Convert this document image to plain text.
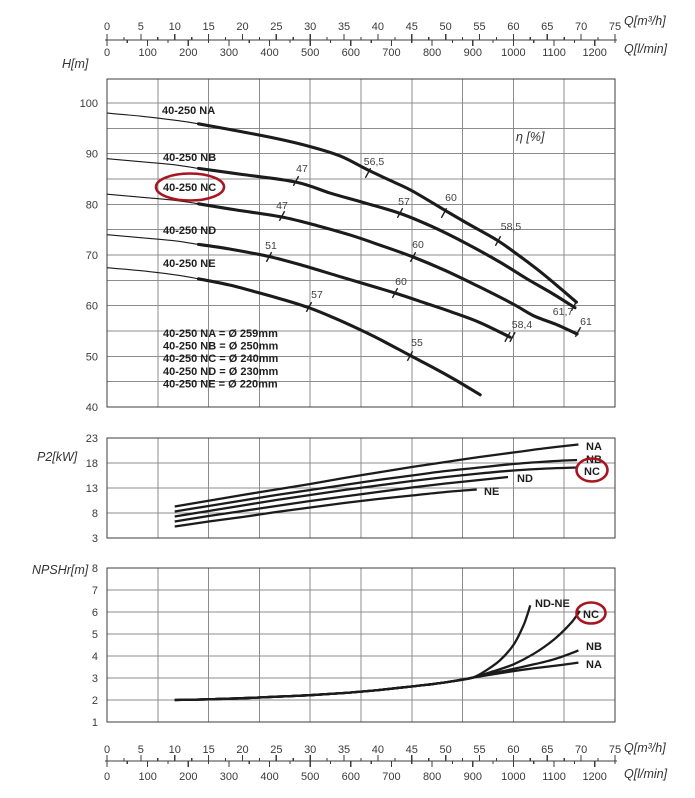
100
90
80
70
60
50
40
47
56,5
47	57	60
51	60
60
57
58,5
55
58,4
61,7
61
40-250 NA
40-250 NB
40-250 NC
40-250 ND
40-250 NE
40-250 NA = Ø 259mm
40-250 NB = Ø 250mm
40-250 NC = Ø 240mm
40-250 ND = Ø 230mm
40-250 NE = Ø 220mm
23
18
13
8
3
NA
NB
NC
ND
NE
8
7
6
5
4
3
2
1
ND-NE
NC
NB
NA
0	5 10 15 20 25 30 35 40 45 50 55 60 65 70 75
0	100 200 300 400 500 600 700 800 900 1000 1100 1200
0	5 10 15 20 25 30 35 40 45 50 55 60 65 70 75
0	100 200 300 400 500 600 700 800 900 1000 1100 1200
H[m]
η [%]
P2[kW]
NPSHr[m]
Q[m³/h]
Q[l/min]
Q[m³/h]
Q[l/min]
